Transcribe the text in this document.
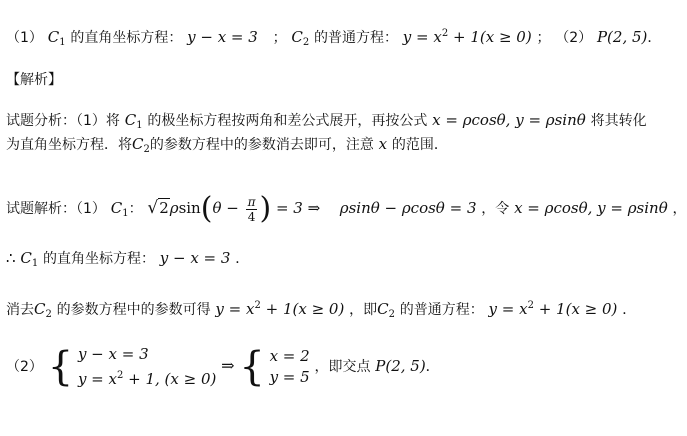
（1） $C_1$ 的直角坐标方程： y − x = 3 ； $C_2$ 的普通方程： $y = x^2 + 1(x \ge 0)$ ； （2） P(2, 5)．
【解析】
试题分析：（1）将 $C_1$ 的极坐标方程按两角和差公式展开，再按公式 x = ρcosθ, y = ρsinθ 将其转化
为直角坐标方程．将$C_2$的参数方程中的参数消去即可，注意 x 的范围．
试题解析：（1） $C_1$： $√2\rho\sin(\theta - \frac{\pi}{4}$ ) = 3 ⇒ ρsinθ − ρcosθ = 3 ，令 x = ρcosθ, y = ρsinθ ，
∴ $C_1$ 的直角坐标方程： y − x = 3 ．
消去$C_2$ 的参数方程中的参数可得 $y = x^2 + 1(x \ge 0)$ ，即$C_2$ 的普通方程： $y = x^2 + 1(x \ge 0)$ ．
（2） { y − x = 3
$y = x^2 + 1$, (x ≥ 0)
⇒ { x = 2
y = 5
，即交点 P(2, 5)．
